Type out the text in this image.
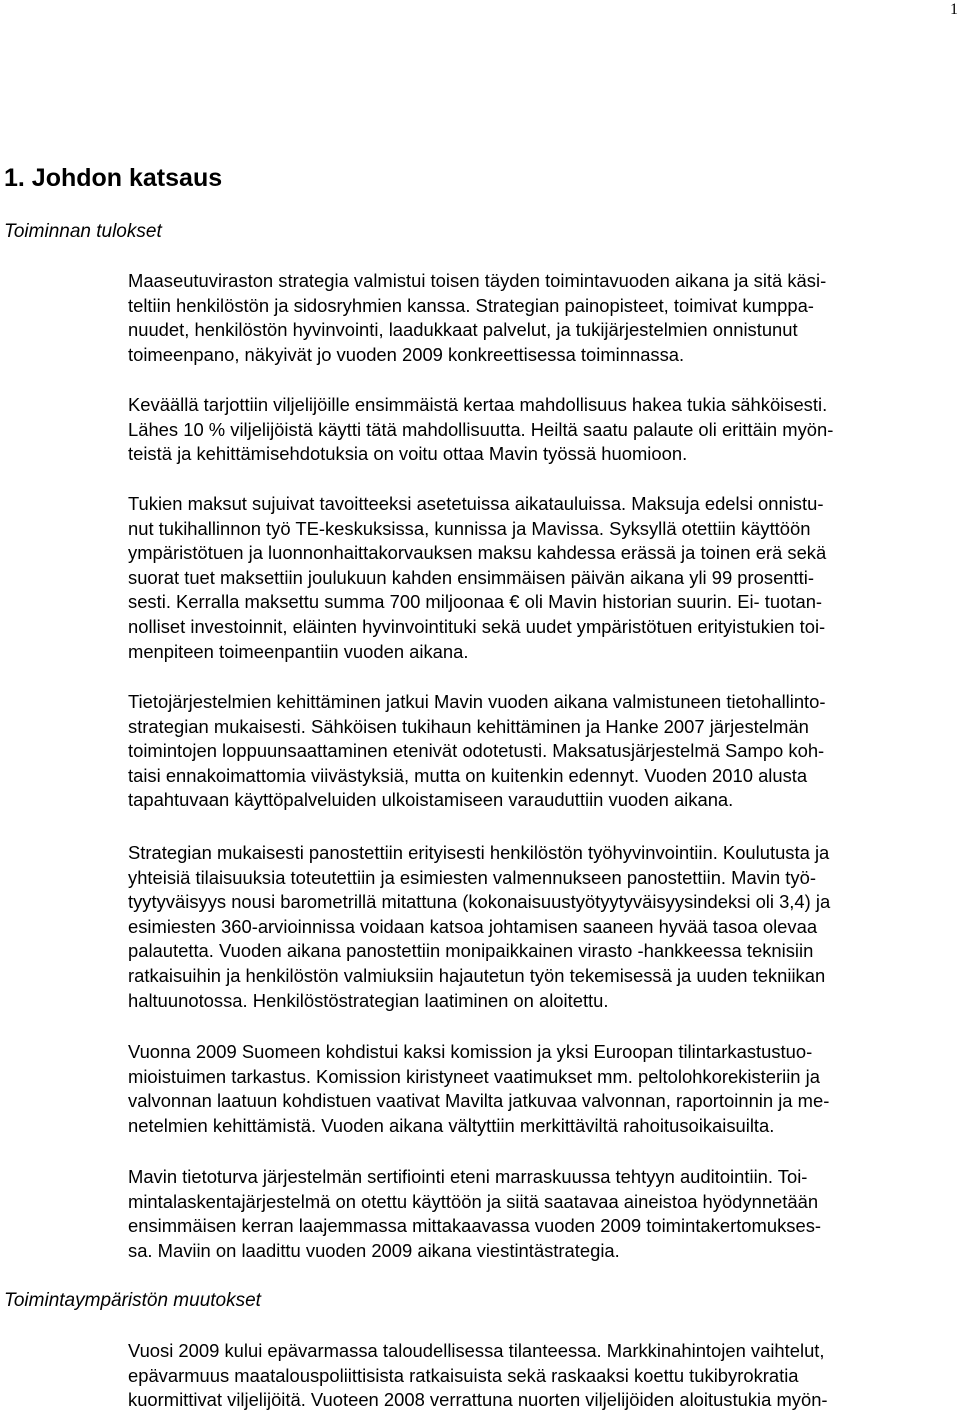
1
1. Johdon katsaus
Toiminnan tulokset

Maaseutuviraston strategia valmistui toisen täyden toimintavuoden aikana ja sitä käsi-
teltiin henkilöstön ja sidosryhmien kanssa. Strategian painopisteet, toimivat kumppa-
nuudet, henkilöstön hyvinvointi, laadukkaat palvelut, ja tukijärjestelmien onnistunut
toimeenpano, näkyivät jo vuoden 2009 konkreettisessa toiminnassa.

Keväällä tarjottiin viljelijöille ensimmäistä kertaa mahdollisuus hakea tukia sähköisesti.
Lähes 10 % viljelijöistä käytti tätä mahdollisuutta. Heiltä saatu palaute oli erittäin myön-
teistä ja kehittämisehdotuksia on voitu ottaa Mavin työssä huomioon.

Tukien maksut sujuivat tavoitteeksi asetetuissa aikatauluissa. Maksuja edelsi onnistu-
nut tukihallinnon työ TE-keskuksissa, kunnissa ja Mavissa. Syksyllä otettiin käyttöön
ympäristötuen ja luonnonhaittakorvauksen maksu kahdessa erässä ja toinen erä sekä
suorat tuet maksettiin joulukuun kahden ensimmäisen päivän aikana yli 99 prosentti-
sesti. Kerralla maksettu summa 700 miljoonaa € oli Mavin historian suurin. Ei- tuotan-
nolliset investoinnit, eläinten hyvinvointituki sekä uudet ympäristötuen erityistukien toi-
menpiteen toimeenpantiin vuoden aikana.

Tietojärjestelmien kehittäminen jatkui Mavin vuoden aikana valmistuneen tietohallinto-
strategian mukaisesti. Sähköisen tukihaun kehittäminen ja Hanke 2007 järjestelmän
toimintojen loppuunsaattaminen etenivät odotetusti. Maksatusjärjestelmä Sampo koh-
taisi ennakoimattomia viivästyksiä, mutta on kuitenkin edennyt. Vuoden 2010 alusta
tapahtuvaan käyttöpalveluiden ulkoistamiseen varauduttiin vuoden aikana.

Strategian mukaisesti panostettiin erityisesti henkilöstön työhyvinvointiin. Koulutusta ja
yhteisiä tilaisuuksia toteutettiin ja esimiesten valmennukseen panostettiin. Mavin työ-
tyytyväisyys nousi barometrillä mitattuna (kokonaisuustyötyytyväisyysindeksi oli 3,4) ja
esimiesten 360-arvioinnissa voidaan katsoa johtamisen saaneen hyvää tasoa olevaa
palautetta. Vuoden aikana panostettiin monipaikkainen virasto -hankkeessa teknisiin
ratkaisuihin ja henkilöstön valmiuksiin hajautetun työn tekemisessä ja uuden tekniikan
haltuunotossa. Henkilöstöstrategian laatiminen on aloitettu.

Vuonna 2009 Suomeen kohdistui kaksi komission ja yksi Euroopan tilintarkastustuo-
mioistuimen tarkastus. Komission kiristyneet vaatimukset mm. peltolohkorekisteriin ja
valvonnan laatuun kohdistuen vaativat Mavilta jatkuvaa valvonnan, raportoinnin ja me-
netelmien kehittämistä. Vuoden aikana vältyttiin merkittäviltä rahoitusoikaisuilta.

Mavin tietoturva järjestelmän sertifiointi eteni marraskuussa tehtyyn auditointiin. Toi-
mintalaskentajärjestelmä on otettu käyttöön ja siitä saatavaa aineistoa hyödynnetään
ensimmäisen kerran laajemmassa mittakaavassa vuoden 2009 toimintakertomukses-
sa. Maviin on laadittu vuoden 2009 aikana viestintästrategia.

Toimintaympäristön muutokset

Vuosi 2009 kului epävarmassa taloudellisessa tilanteessa. Markkinahintojen vaihtelut,
epävarmuus maatalouspoliittisista ratkaisuista sekä raskaaksi koettu tukibyrokratia
kuormittivat viljelijöitä. Vuoteen 2008 verrattuna nuorten viljelijöiden aloitustukia myön-
